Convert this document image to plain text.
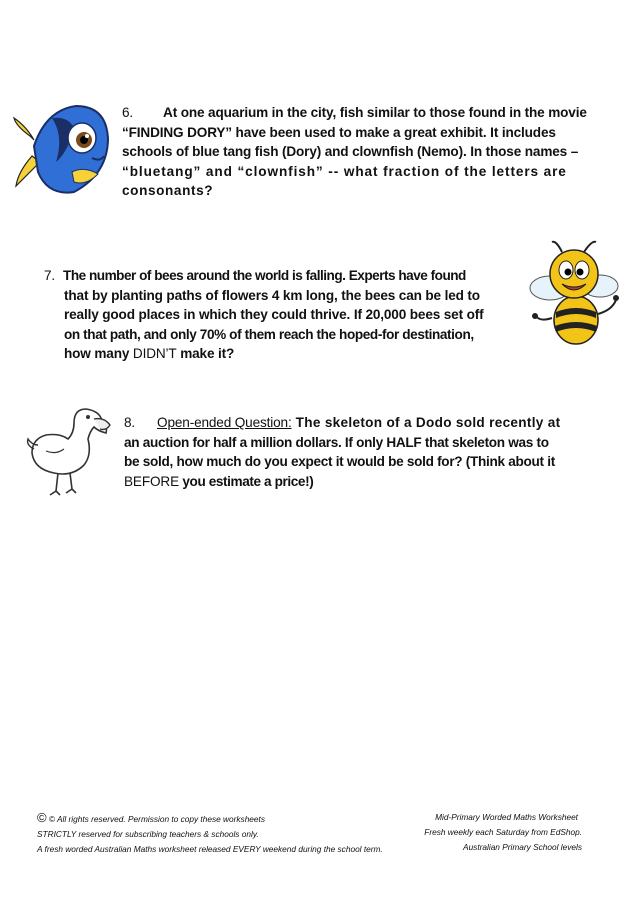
6. At one aquarium in the city, fish similar to those found in the movie
“FINDING DORY” have been used to make a great exhibit. It includes
schools of blue tang fish (Dory) and clownfish (Nemo). In those names –
“bluetang” and “clownfish” -- what fraction of the letters are
consonants?
7. The number of bees around the world is falling. Experts have found
that by planting paths of flowers 4 km long, the bees can be led to
really good places in which they could thrive. If 20,000 bees set off
on that path, and only 70% of them reach the hoped-for destination,
how many DIDN’T make it?
8. Open-ended Question: The skeleton of a Dodo sold recently at
an auction for half a million dollars. If only HALF that skeleton was to
be sold, how much do you expect it would be sold for? (Think about it
BEFORE you estimate a price!)
© © All rights reserved. Permission to copy these worksheets
STRICTLY reserved for subscribing teachers & schools only.
A fresh worded Australian Maths worksheet released EVERY weekend during the school term.
Mid-Primary Worded Maths Worksheet
Fresh weekly each Saturday from EdShop.
Australian Primary School levels
